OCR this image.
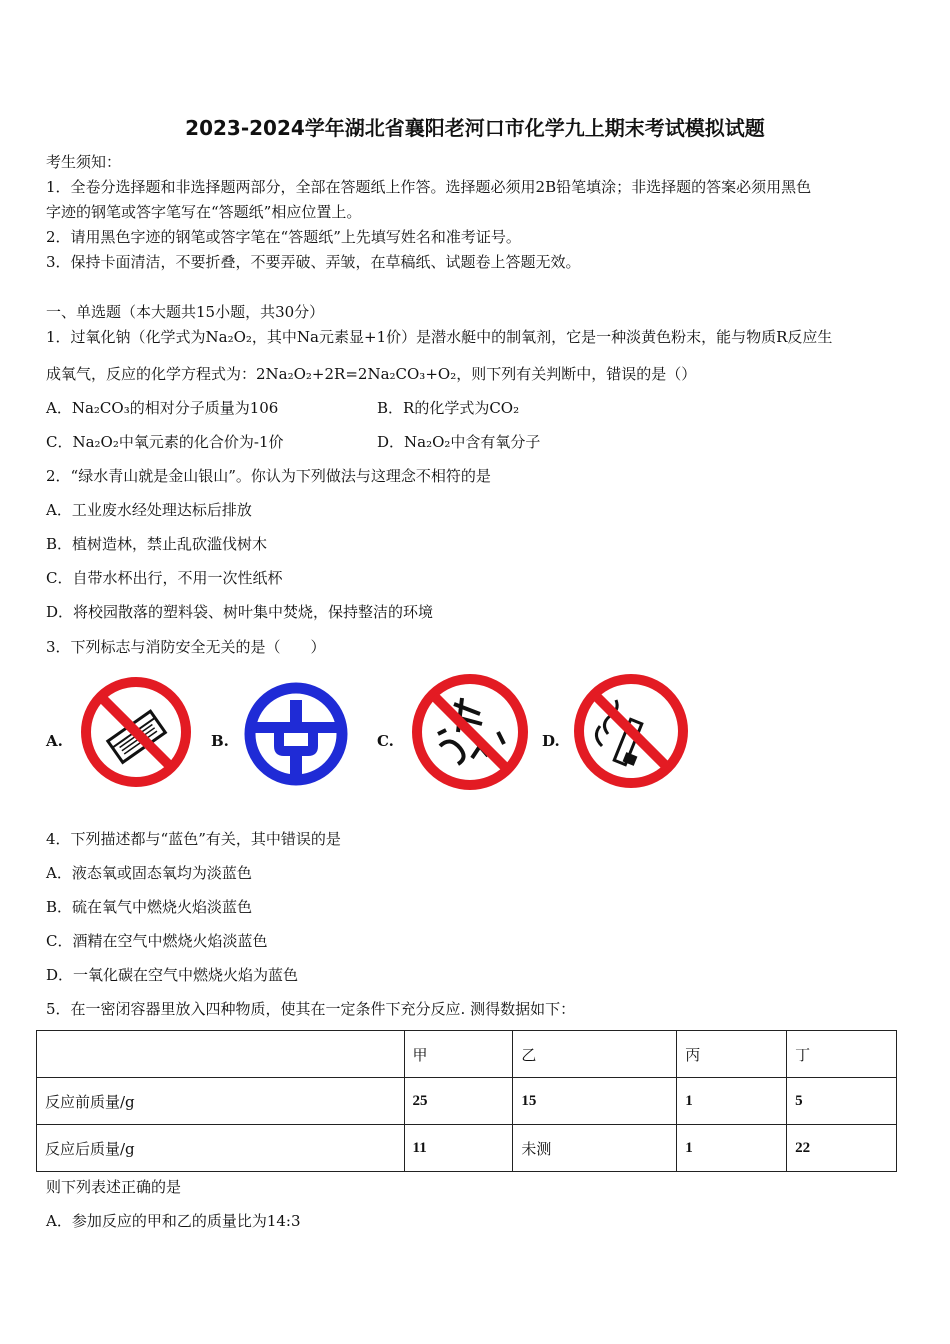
2023-2024学年湖北省襄阳老河口市化学九上期末考试模拟试题
考生须知：
1．全卷分选择题和非选择题两部分，全部在答题纸上作答。选择题必须用2B铅笔填涂；非选择题的答案必须用黑色
字迹的钢笔或答字笔写在“答题纸”相应位置上。
2．请用黑色字迹的钢笔或答字笔在“答题纸”上先填写姓名和准考证号。
3．保持卡面清洁，不要折叠，不要弄破、弄皱，在草稿纸、试题卷上答题无效。
一、单选题（本大题共15小题，共30分）
1．过氧化钠（化学式为Na₂O₂，其中Na元素显+1价）是潜水艇中的制氧剂，它是一种淡黄色粉末，能与物质R反应生
成氧气，反应的化学方程式为：2Na₂O₂+2R=2Na₂CO₃+O₂，则下列有关判断中，错误的是（）
A．Na₂CO₃的相对分子质量为106	B．R的化学式为CO₂
C．Na₂O₂中氧元素的化合价为-1价	D．Na₂O₂中含有氧分子
2．“绿水青山就是金山银山”。你认为下列做法与这理念不相符的是
A．工业废水经处理达标后排放
B．植树造林，禁止乱砍滥伐树木
C．自带水杯出行，不用一次性纸杯
D．将校园散落的塑料袋、树叶集中焚烧，保持整洁的环境
3．下列标志与消防安全无关的是（　　）
A.	B.	C.	D.
4．下列描述都与“蓝色”有关，其中错误的是
A．液态氧或固态氧均为淡蓝色
B．硫在氧气中燃烧火焰淡蓝色
C．酒精在空气中燃烧火焰淡蓝色
D．一氧化碳在空气中燃烧火焰为蓝色
5．在一密闭容器里放入四种物质，使其在一定条件下充分反应. 测得数据如下：
	甲	乙	丙	丁
反应前质量/g	25	15	1	5
反应后质量/g	11	未测	1	22
则下列表述正确的是
A．参加反应的甲和乙的质量比为14:3
